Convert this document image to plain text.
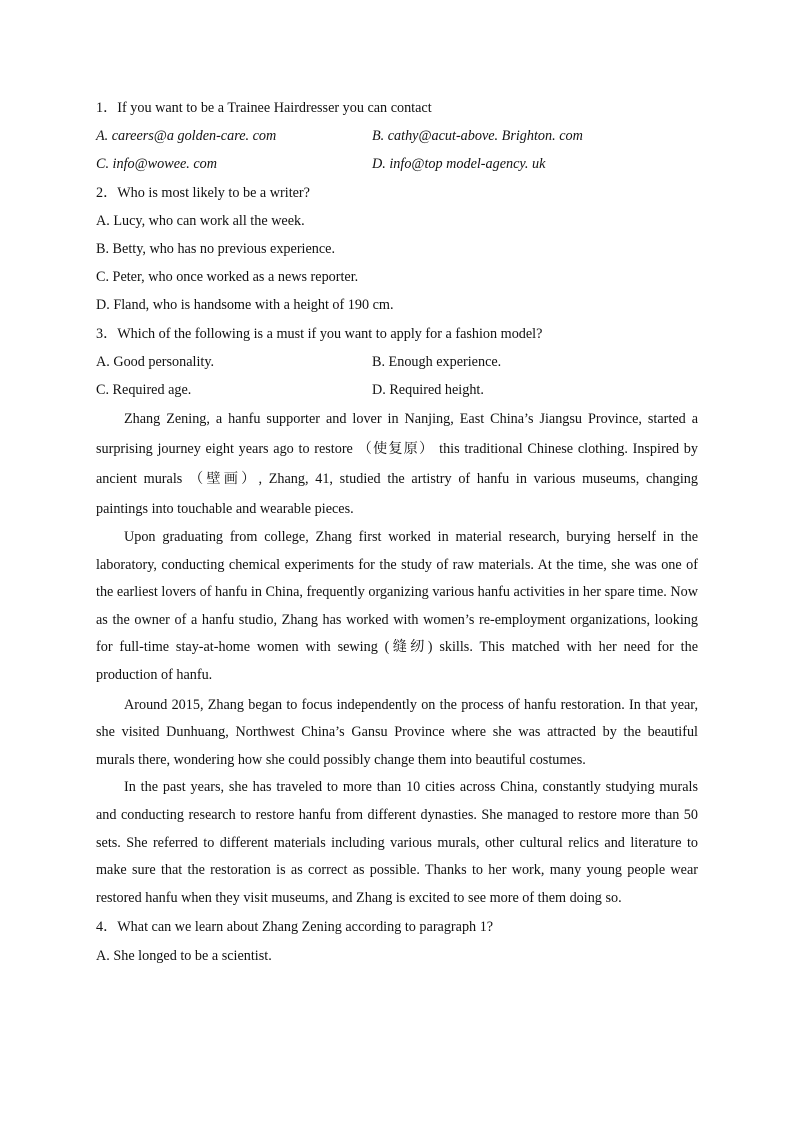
1．If you want to be a Trainee Hairdresser you can contact
A. careers@a golden-care. com	B. cathy@acut-above. Brighton. com
C. info@wowee. com	D. info@top model-agency. uk
2．Who is most likely to be a writer?
A. Lucy, who can work all the week.
B. Betty, who has no previous experience.
C. Peter, who once worked as a news reporter.
D. Fland, who is handsome with a height of 190 cm.
3．Which of the following is a must if you want to apply for a fashion model?
A. Good personality.	B. Enough experience.
C. Required age.	D. Required height.

Zhang Zening, a hanfu supporter and lover in Nanjing, East China’s Jiangsu Province, started a surprising journey eight years ago to restore （使复原） this traditional Chinese clothing. Inspired by ancient murals （壁画）, Zhang, 41, studied the artistry of hanfu in various museums, changing paintings into touchable and wearable pieces.

Upon graduating from college, Zhang first worked in material research, burying herself in the laboratory, conducting chemical experiments for the study of raw materials. At the time, she was one of the earliest lovers of hanfu in China, frequently organizing various hanfu activities in her spare time. Now as the owner of a hanfu studio, Zhang has worked with women’s re-employment organizations, looking for full-time stay-at-home women with sewing (缝纫) skills. This matched with her need for the production of hanfu.

Around 2015, Zhang began to focus independently on the process of hanfu restoration. In that year, she visited Dunhuang, Northwest China’s Gansu Province where she was attracted by the beautiful murals there, wondering how she could possibly change them into beautiful costumes.

In the past years, she has traveled to more than 10 cities across China, constantly studying murals and conducting research to restore hanfu from different dynasties. She managed to restore more than 50 sets. She referred to different materials including various murals, other cultural relics and literature to make sure that the restoration is as correct as possible. Thanks to her work, many young people wear restored hanfu when they visit museums, and Zhang is excited to see more of them doing so.

4．What can we learn about Zhang Zening according to paragraph 1?
A. She longed to be a scientist.
